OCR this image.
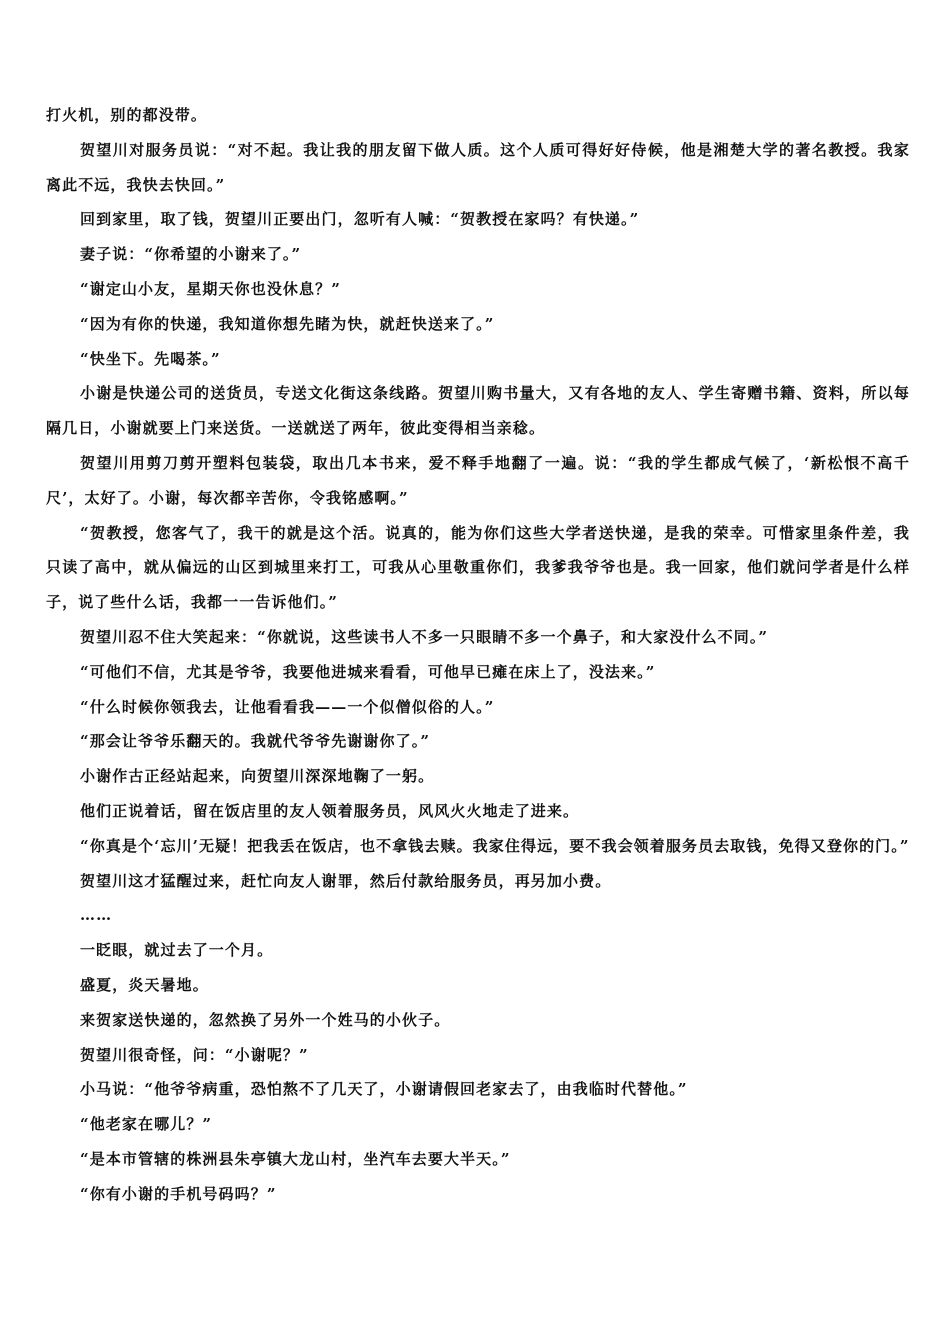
打火机，别的都没带。

贺望川对服务员说：“对不起。我让我的朋友留下做人质。这个人质可得好好侍候，他是湘楚大学的著名教授。我家离此不远，我快去快回。”

回到家里，取了钱，贺望川正要出门，忽听有人喊：“贺教授在家吗？有快递。”

妻子说：“你希望的小谢来了。”

“谢定山小友，星期天你也没休息？”

“因为有你的快递，我知道你想先睹为快，就赶快送来了。”

“快坐下。先喝茶。”

小谢是快递公司的送货员，专送文化街这条线路。贺望川购书量大，又有各地的友人、学生寄赠书籍、资料，所以每隔几日，小谢就要上门来送货。一送就送了两年，彼此变得相当亲稔。

贺望川用剪刀剪开塑料包装袋，取出几本书来，爱不释手地翻了一遍。说：“我的学生都成气候了，‘新松恨不高千尺’，太好了。小谢，每次都辛苦你，令我铭感啊。”

“贺教授，您客气了，我干的就是这个活。说真的，能为你们这些大学者送快递，是我的荣幸。可惜家里条件差，我只读了高中，就从偏远的山区到城里来打工，可我从心里敬重你们，我爹我爷爷也是。我一回家，他们就问学者是什么样子，说了些什么话，我都一一告诉他们。”

贺望川忍不住大笑起来：“你就说，这些读书人不多一只眼睛不多一个鼻子，和大家没什么不同。”

“可他们不信，尤其是爷爷，我要他进城来看看，可他早已瘫在床上了，没法来。”

“什么时候你领我去，让他看看我——一个似僧似俗的人。”

“那会让爷爷乐翻天的。我就代爷爷先谢谢你了。”

小谢作古正经站起来，向贺望川深深地鞠了一躬。

他们正说着话，留在饭店里的友人领着服务员，风风火火地走了进来。

“你真是个‘忘川’无疑！把我丢在饭店，也不拿钱去赎。我家住得远，要不我会领着服务员去取钱，免得又登你的门。”

贺望川这才猛醒过来，赶忙向友人谢罪，然后付款给服务员，再另加小费。

……

一眨眼，就过去了一个月。

盛夏，炎天暑地。

来贺家送快递的，忽然换了另外一个姓马的小伙子。

贺望川很奇怪，问：“小谢呢？”

小马说：“他爷爷病重，恐怕熬不了几天了，小谢请假回老家去了，由我临时代替他。”

“他老家在哪儿？”

“是本市管辖的株洲县朱亭镇大龙山村，坐汽车去要大半天。”

“你有小谢的手机号码吗？”
